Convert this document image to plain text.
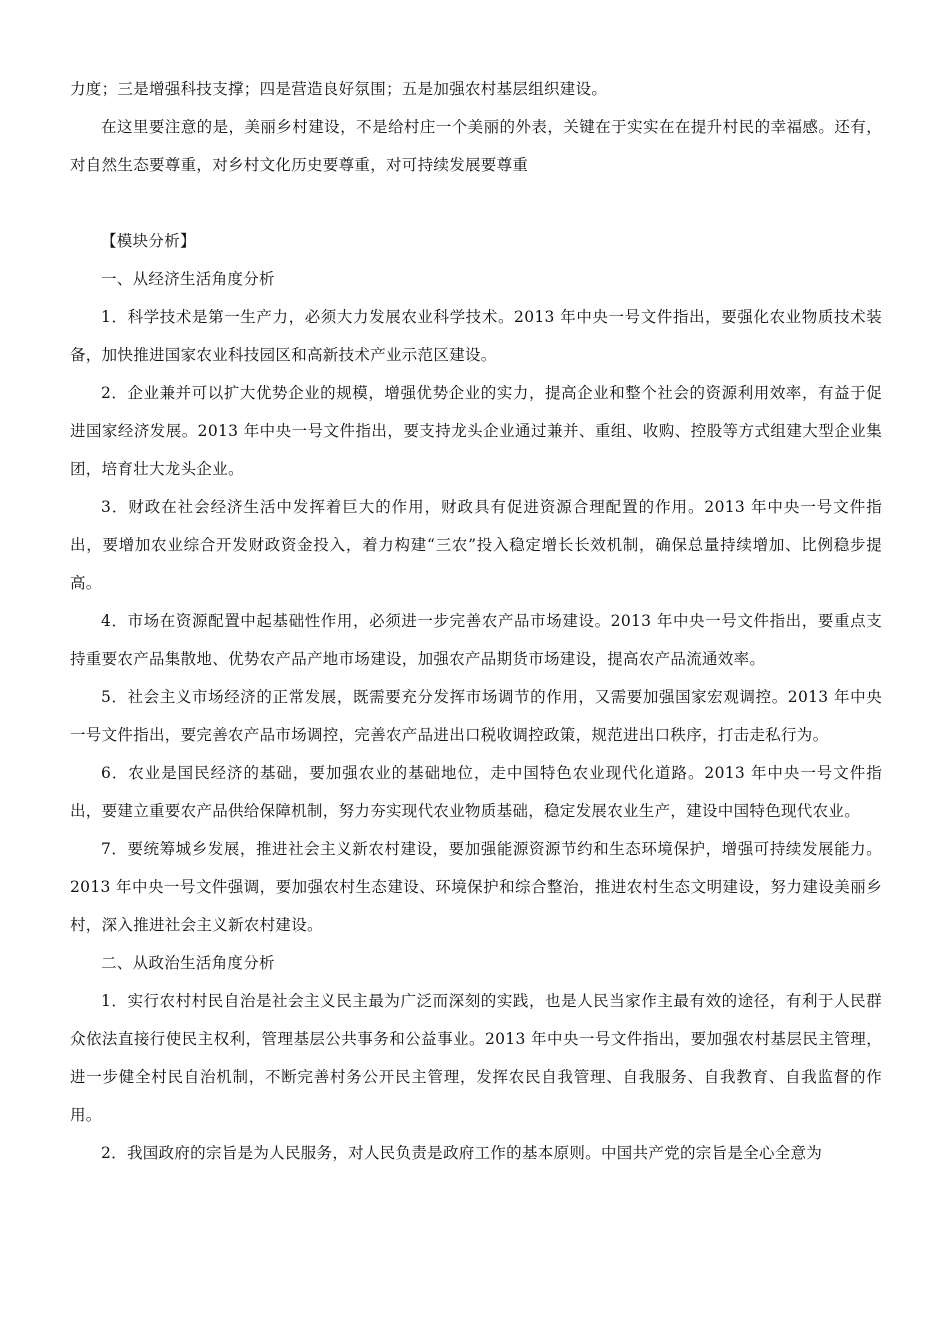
力度；三是增强科技支撑；四是营造良好氛围；五是加强农村基层组织建设。

在这里要注意的是，美丽乡村建设，不是给村庄一个美丽的外表，关键在于实实在在提升村民的幸福感。还有，对自然生态要尊重，对乡村文化历史要尊重，对可持续发展要尊重

【模块分析】

一、从经济生活角度分析

1．科学技术是第一生产力，必须大力发展农业科学技术。2013 年中央一号文件指出，要强化农业物质技术装备，加快推进国家农业科技园区和高新技术产业示范区建设。

2．企业兼并可以扩大优势企业的规模，增强优势企业的实力，提高企业和整个社会的资源利用效率，有益于促进国家经济发展。2013 年中央一号文件指出，要支持龙头企业通过兼并、重组、收购、控股等方式组建大型企业集团，培育壮大龙头企业。

3．财政在社会经济生活中发挥着巨大的作用，财政具有促进资源合理配置的作用。2013 年中央一号文件指出，要增加农业综合开发财政资金投入，着力构建“三农”投入稳定增长长效机制，确保总量持续增加、比例稳步提高。

4．市场在资源配置中起基础性作用，必须进一步完善农产品市场建设。2013 年中央一号文件指出，要重点支持重要农产品集散地、优势农产品产地市场建设，加强农产品期货市场建设，提高农产品流通效率。

5．社会主义市场经济的正常发展，既需要充分发挥市场调节的作用，又需要加强国家宏观调控。2013 年中央一号文件指出，要完善农产品市场调控，完善农产品进出口税收调控政策，规范进出口秩序，打击走私行为。

6．农业是国民经济的基础，要加强农业的基础地位，走中国特色农业现代化道路。2013 年中央一号文件指出，要建立重要农产品供给保障机制，努力夯实现代农业物质基础，稳定发展农业生产，建设中国特色现代农业。

7．要统筹城乡发展，推进社会主义新农村建设，要加强能源资源节约和生态环境保护，增强可持续发展能力。2013 年中央一号文件强调，要加强农村生态建设、环境保护和综合整治，推进农村生态文明建设，努力建设美丽乡村，深入推进社会主义新农村建设。

二、从政治生活角度分析

1．实行农村村民自治是社会主义民主最为广泛而深刻的实践，也是人民当家作主最有效的途径，有利于人民群众依法直接行使民主权利，管理基层公共事务和公益事业。2013 年中央一号文件指出，要加强农村基层民主管理，进一步健全村民自治机制，不断完善村务公开民主管理，发挥农民自我管理、自我服务、自我教育、自我监督的作用。

2．我国政府的宗旨是为人民服务，对人民负责是政府工作的基本原则。中国共产党的宗旨是全心全意为
